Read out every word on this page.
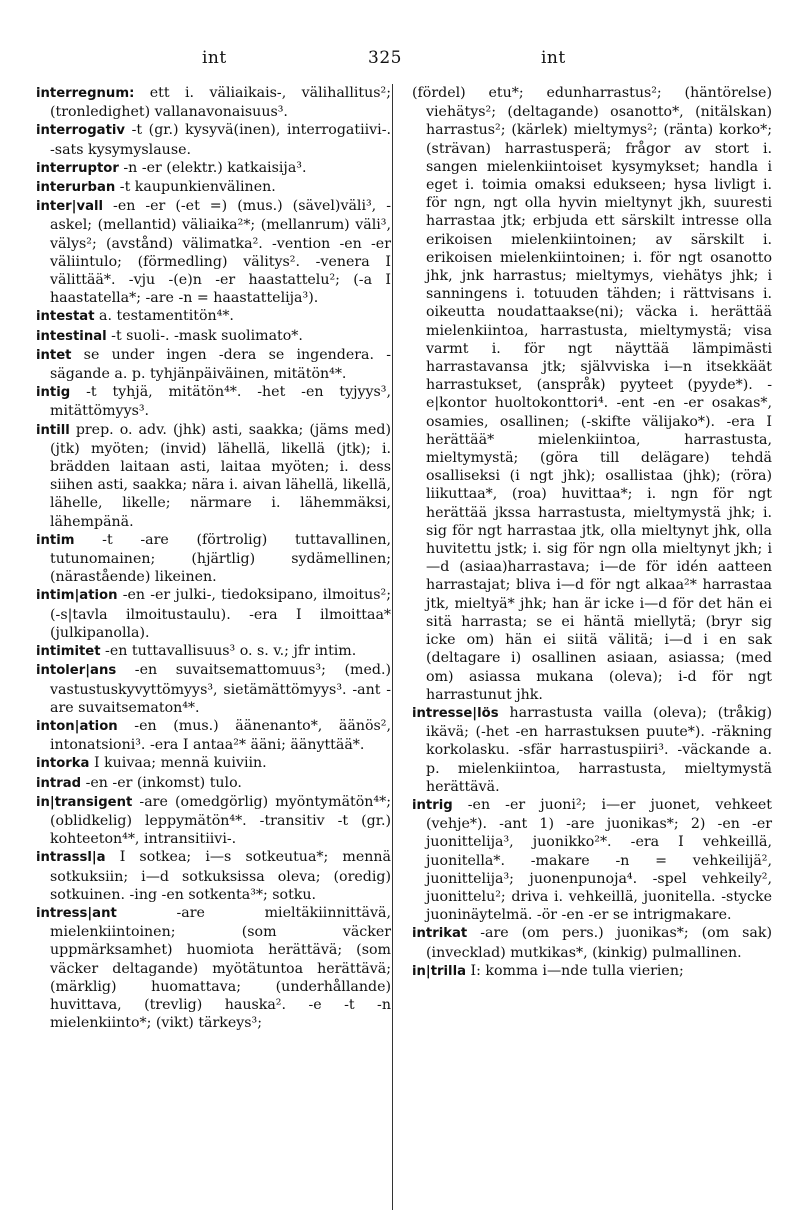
int	325	int

interregnum: ett i. väliaikais-, välihallitus²; (tronledighet) vallanavonaisuus³.

interrogativ -t (gr.) kysyvä(inen), interrogatiivi-. -sats kysymyslause.

interruptor -n -er (elektr.) katkaisija³.

interurban -t kaupunkienvälinen.

inter|vall -en -er (-et =) (mus.) (sävel)väli³, -askel; (mellantid) väliaika²*; (mellanrum) väli³, välys²; (avstånd) välimatka². -vention -en -er väliintulo; (förmedling) välitys². -venera I välittää*. -vju -(e)n -er haastattelu²; (-a I haastatella*; -are -n = haastattelija³).

intestat a. testamentitön⁴*.

intestinal -t suoli-. -mask suolimato*.

intet se under ingen -dera se ingendera. -sägande a. p. tyhjänpäiväinen, mitätön⁴*.

intig -t tyhjä, mitätön⁴*. -het -en tyjyys³, mitättömyys³.

intill prep. o. adv. (jhk) asti, saakka; (jäms med) (jtk) myöten; (invid) lähellä, likellä (jtk); i. brädden laitaan asti, laitaa myöten; i. dess siihen asti, saakka; nära i. aivan lähellä, likellä, lähelle, likelle; närmare i. lähemmäksi, lähempänä.

intim -t -are (förtrolig) tuttavallinen, tutunomainen; (hjärtlig) sydämellinen; (närastående) likeinen.

intim|ation -en -er julki-, tiedoksipano, ilmoitus²; (-s|tavla ilmoitustaulu). -era I ilmoittaa* (julkipanolla).

intimitet -en tuttavallisuus³ o. s. v.; jfr intim.

intoler|ans -en suvaitsemattomuus³; (med.) vastustuskyvyttömyys³, sietämättömyys³. -ant -are suvaitsematon⁴*.

inton|ation -en (mus.) äänenanto*, äänös², intonatsioni³. -era I antaa²* ääni; äänyttää*.

intorka I kuivaa; mennä kuiviin.

intrad -en -er (inkomst) tulo.

in|transigent -are (omedgörlig) myöntymätön⁴*; (oblidkelig) leppymätön⁴*. -transitiv -t (gr.) kohteeton⁴*, intransitiivi-.

intrassl|a I sotkea; i—s sotkeutua*; mennä sotkuksiin; i—d sotkuksissa oleva; (oredig) sotkuinen. -ing -en sotkenta³*; sotku.

intress|ant -are mieltäkiinnittävä, mielenkiintoinen; (som väcker uppmärksamhet) huomiota herättävä; (som väcker deltagande) myötätuntoa herättävä; (märklig) huomattava; (underhållande) huvittava, (trevlig) hauska². -e -t -n mielenkiinto*; (vikt) tärkeys³;

(fördel) etu*; edunharrastus²; (häntörelse) viehätys²; (deltagande) osanotto*, (nitälskan) harrastus²; (kärlek) mieltymys²; (ränta) korko*; (strävan) harrastusperä; frågor av stort i. sangen mielenkiintoiset kysymykset; handla i eget i. toimia omaksi edukseen; hysa livligt i. för ngn, ngt olla hyvin mieltynyt jkh, suuresti harrastaa jtk; erbjuda ett särskilt intresse olla erikoisen mielenkiintoinen; av särskilt i. erikoisen mielenkiintoinen; i. för ngt osanotto jhk, jnk harrastus; mieltymys, viehätys jhk; i sanningens i. totuuden tähden; i rättvisans i. oikeutta noudattaakse(ni); väcka i. herättää mielenkiintoa, harrastusta, mieltymystä; visa varmt i. för ngt näyttää lämpimästi harrastavansa jtk; självviska i—n itsekkäät harrastukset, (anspråk) pyyteet (pyyde*). -e|kontor huoltokonttori⁴. -ent -en -er osakas*, osamies, osallinen; (-skifte välijako*). -era I herättää* mielenkiintoa, harrastusta, mieltymystä; (göra till delägare) tehdä osalliseksi (i ngt jhk); osallistaa (jhk); (röra) liikuttaa*, (roa) huvittaa*; i. ngn för ngt herättää jkssa harrastusta, mieltymystä jhk; i. sig för ngt harrastaa jtk, olla mieltynyt jhk, olla huvitettu jstk; i. sig för ngn olla mieltynyt jkh; i—d (asiaa)harrastava; i—de för idén aatteen harrastajat; bliva i—d för ngt alkaa²* harrastaa jtk, mieltyä* jhk; han är icke i—d för det hän ei sitä harrasta; se ei häntä miellytä; (bryr sig icke om) hän ei siitä välitä; i—d i en sak (deltagare i) osallinen asiaan, asiassa; (med om) asiassa mukana (oleva); i-d för ngt harrastunut jhk.

intresse|lös harrastusta vailla (oleva); (tråkig) ikävä; (-het -en harrastuksen puute*). -räkning korkolasku. -sfär harrastuspiiri³. -väckande a. p. mielenkiintoa, harrastusta, mieltymystä herättävä.

intrig -en -er juoni²; i—er juonet, vehkeet (vehje*). -ant 1) -are juonikas*; 2) -en -er juonittelija³, juonikko²*. -era I vehkeillä, juonitella*. -makare -n = vehkeilijä², juonittelija³; juonenpunoja⁴. -spel vehkeily², juonittelu²; driva i. vehkeillä, juonitella. -stycke juoninäytelmä. -ör -en -er se intrigmakare.

intrikat -are (om pers.) juonikas*; (om sak) (invecklad) mutkikas*, (kinkig) pulmallinen.

in|trilla I: komma i—nde tulla vierien;
